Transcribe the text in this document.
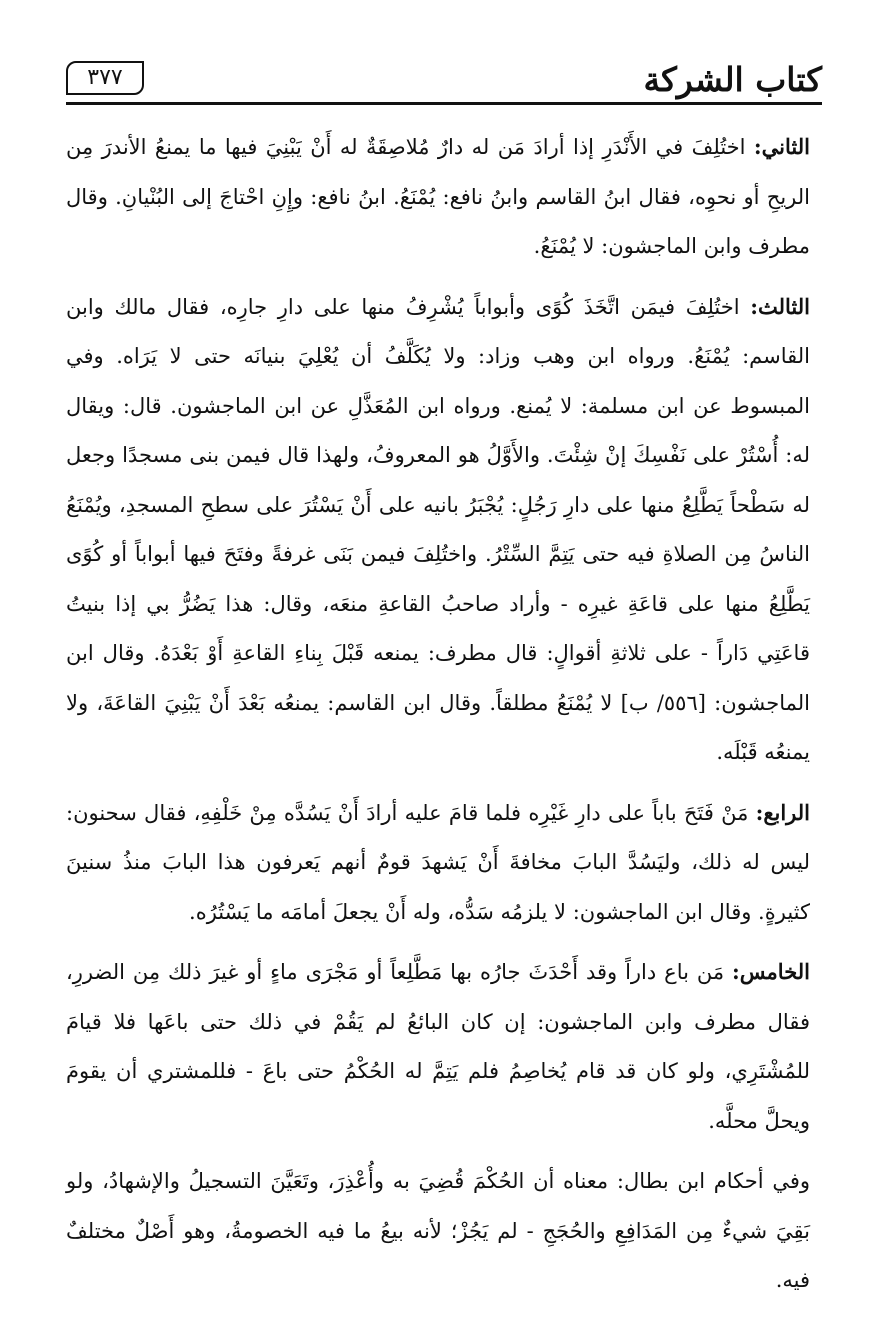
كتاب الشركة
٣٧٧

الثاني: اختُلِفَ في الأَنْدَرِ إذا أرادَ مَن له دارٌ مُلاصِقَةٌ له أَنْ يَبْنِيَ فيها ما يمنعُ الأندرَ مِن الريحِ أو نحوِه، فقال ابنُ القاسم وابنُ نافع: يُمْنَعُ. ابنُ نافع: وإِنِ احْتاجَ إلى البُنْيانِ. وقال مطرف وابن الماجشون: لا يُمْنَعُ.

الثالث: اختُلِفَ فيمَن اتَّخَذَ كُوًى وأبواباً يُشْرِفُ منها على دارِ جارِه، فقال مالك وابن القاسم: يُمْنَعُ. ورواه ابن وهب وزاد: ولا يُكَلَّفُ أن يُعْلِيَ بنيانَه حتى لا يَرَاه. وفي المبسوط عن ابن مسلمة: لا يُمنع. ورواه ابن المُعَذَّلِ عن ابن الماجشون. قال: ويقال له: أُسْتُرْ على نَفْسِكَ إنْ شِئْتَ. والأَوَّلُ هو المعروفُ، ولهذا قال فيمن بنى مسجدًا وجعل له سَطْحاً يَطَّلِعُ منها على دارِ رَجُلٍ: يُجْبَرُ بانيه على أَنْ يَسْتُرَ على سطحِ المسجدِ، ويُمْنَعُ الناسُ مِن الصلاةِ فيه حتى يَتِمَّ السِّتْرُ. واختُلِفَ فيمن بَنَى غرفةً وفتَحَ فيها أبواباً أو كُوًى يَطَّلِعُ منها على قاعَةِ غيرِه - وأراد صاحبُ القاعةِ منعَه، وقال: هذا يَضُرُّ بي إذا بنيتُ قاعَتِي دَاراً - على ثلاثةِ أقوالٍ: قال مطرف: يمنعه قَبْلَ بِناءِ القاعةِ أَوْ بَعْدَهُ. وقال ابن الماجشون: [٥٥٦/ ب] لا يُمْنَعُ مطلقاً. وقال ابن القاسم: يمنعُه بَعْدَ أَنْ يَبْنِيَ القاعَةَ، ولا يمنعُه قَبْلَه.

الرابع: مَنْ فَتَحَ باباً على دارِ غَيْرِه فلما قامَ عليه أرادَ أَنْ يَسُدَّه مِنْ خَلْفِهِ، فقال سحنون: ليس له ذلك، وليَسُدَّ البابَ مخافةَ أَنْ يَشهدَ قومٌ أنهم يَعرفون هذا البابَ منذُ سنينَ كثيرةٍ. وقال ابن الماجشون: لا يلزمُه سَدُّه، وله أَنْ يجعلَ أمامَه ما يَسْتُرُه.

الخامس: مَن باع داراً وقد أَحْدَثَ جارُه بها مَطَّلِعاً أو مَجْرَى ماءٍ أو غيرَ ذلك مِن الضررِ، فقال مطرف وابن الماجشون: إن كان البائعُ لم يَقُمْ في ذلك حتى باعَها فلا قيامَ للمُشْتَرِي، ولو كان قد قام يُخاصِمُ فلم يَتِمَّ له الحُكْمُ حتى باعَ - فللمشتري أن يقومَ ويحلَّ محلَّه.

وفي أحكام ابن بطال: معناه أن الحُكْمَ قُضِيَ به وأُعْذِرَ، وتَعَيَّنَ التسجيلُ والإشهادُ، ولو بَقِيَ شيءٌ مِن المَدَافِعِ والحُجَجِ - لم يَجُزْ؛ لأنه بيعُ ما فيه الخصومةُ، وهو أَصْلٌ مختلفٌ فيه.
